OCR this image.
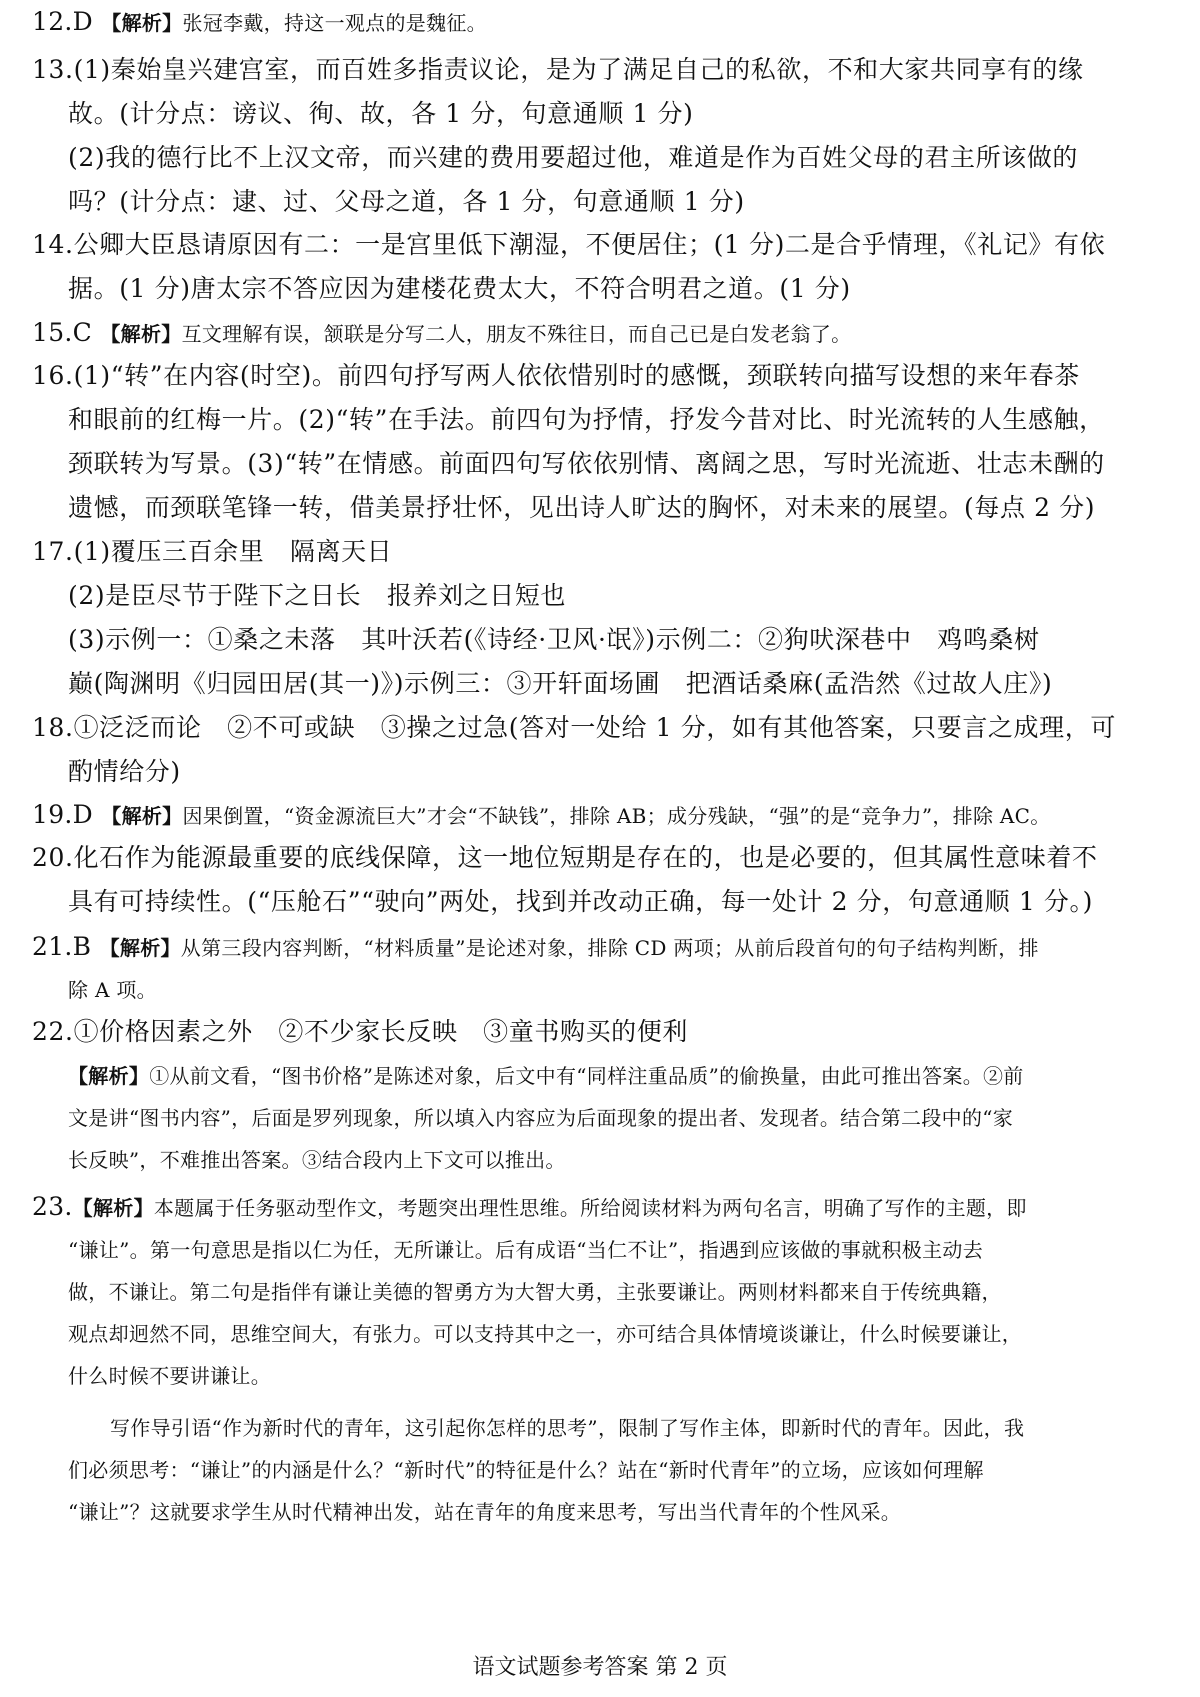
12.D 【解析】张冠李戴，持这一观点的是魏征。
13.(1)秦始皇兴建宫室，而百姓多指责议论，是为了满足自己的私欲，不和大家共同享有的缘
故。(计分点：谤议、徇、故，各 1 分，句意通顺 1 分)
(2)我的德行比不上汉文帝，而兴建的费用要超过他，难道是作为百姓父母的君主所该做的
吗？(计分点：逮、过、父母之道，各 1 分，句意通顺 1 分)
14.公卿大臣恳请原因有二：一是宫里低下潮湿，不便居住；(1 分)二是合乎情理，《礼记》有依
据。(1 分)唐太宗不答应因为建楼花费太大，不符合明君之道。(1 分)
15.C 【解析】互文理解有误，颔联是分写二人，朋友不殊往日，而自己已是白发老翁了。
16.(1)“转”在内容(时空)。前四句抒写两人依依惜别时的感慨，颈联转向描写设想的来年春茶
和眼前的红梅一片。(2)“转”在手法。前四句为抒情，抒发今昔对比、时光流转的人生感触，
颈联转为写景。(3)“转”在情感。前面四句写依依别情、离阔之思，写时光流逝、壮志未酬的
遗憾，而颈联笔锋一转，借美景抒壮怀，见出诗人旷达的胸怀，对未来的展望。(每点 2 分)
17.(1)覆压三百余里　隔离天日
(2)是臣尽节于陛下之日长　报养刘之日短也
(3)示例一：①桑之未落　其叶沃若(《诗经·卫风·氓》)示例二：②狗吠深巷中　鸡鸣桑树
巅(陶渊明《归园田居(其一)》)示例三：③开轩面场圃　把酒话桑麻(孟浩然《过故人庄》)
18.①泛泛而论　②不可或缺　③操之过急(答对一处给 1 分，如有其他答案，只要言之成理，可
酌情给分)
19.D 【解析】因果倒置，“资金源流巨大”才会“不缺钱”，排除 AB；成分残缺，“强”的是“竞争力”，排除 AC。
20.化石作为能源最重要的底线保障，这一地位短期是存在的，也是必要的，但其属性意味着不
具有可持续性。(“压舱石”“驶向”两处，找到并改动正确，每一处计 2 分，句意通顺 1 分。)
21.B 【解析】从第三段内容判断，“材料质量”是论述对象，排除 CD 两项；从前后段首句的句子结构判断，排
除 A 项。
22.①价格因素之外　②不少家长反映　③童书购买的便利
【解析】①从前文看，“图书价格”是陈述对象，后文中有“同样注重品质”的偷换量，由此可推出答案。②前
文是讲“图书内容”，后面是罗列现象，所以填入内容应为后面现象的提出者、发现者。结合第二段中的“家
长反映”，不难推出答案。③结合段内上下文可以推出。
23.【解析】本题属于任务驱动型作文，考题突出理性思维。所给阅读材料为两句名言，明确了写作的主题，即
“谦让”。第一句意思是指以仁为任，无所谦让。后有成语“当仁不让”，指遇到应该做的事就积极主动去
做，不谦让。第二句是指伴有谦让美德的智勇方为大智大勇，主张要谦让。两则材料都来自于传统典籍，
观点却迥然不同，思维空间大，有张力。可以支持其中之一，亦可结合具体情境谈谦让，什么时候要谦让，
什么时候不要讲谦让。
写作导引语“作为新时代的青年，这引起你怎样的思考”，限制了写作主体，即新时代的青年。因此，我
们必须思考：“谦让”的内涵是什么？“新时代”的特征是什么？站在“新时代青年”的立场，应该如何理解
“谦让”？这就要求学生从时代精神出发，站在青年的角度来思考，写出当代青年的个性风采。
语文试题参考答案 第 2 页
